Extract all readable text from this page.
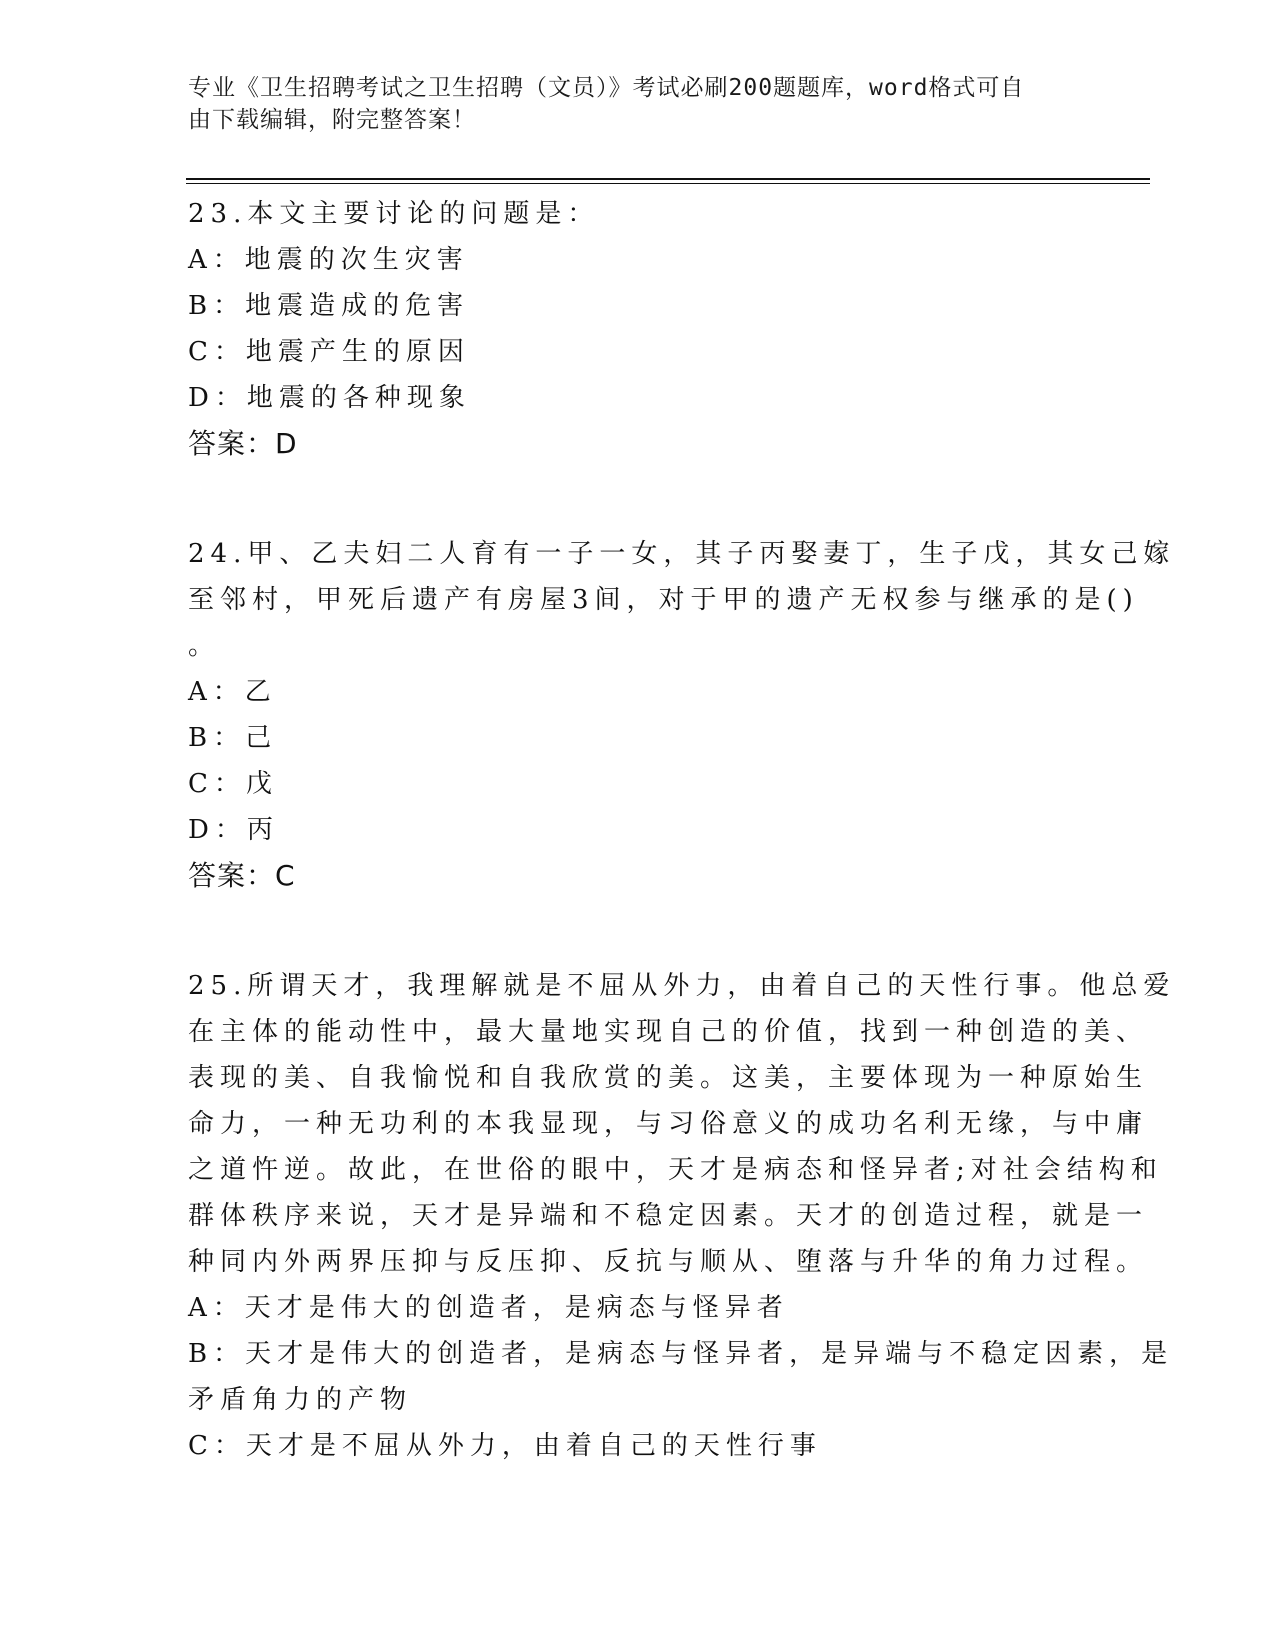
专业《卫生招聘考试之卫生招聘（文员）》考试必刷200题题库，word格式可自
由下载编辑，附完整答案！

23.本文主要讨论的问题是：

A：地震的次生灾害

B：地震造成的危害

C：地震产生的原因

D：地震的各种现象

答案：D

24.甲、乙夫妇二人育有一子一女，其子丙娶妻丁，生子戊，其女己嫁

至邻村，甲死后遗产有房屋3间，对于甲的遗产无权参与继承的是()

。

A：乙

B：己

C：戊

D：丙

答案：C

25.所谓天才，我理解就是不屈从外力，由着自己的天性行事。他总爱

在主体的能动性中，最大量地实现自己的价值，找到一种创造的美、

表现的美、自我愉悦和自我欣赏的美。这美，主要体现为一种原始生

命力，一种无功利的本我显现，与习俗意义的成功名利无缘，与中庸

之道忤逆。故此，在世俗的眼中，天才是病态和怪异者;对社会结构和

群体秩序来说，天才是异端和不稳定因素。天才的创造过程，就是一

种同内外两界压抑与反压抑、反抗与顺从、堕落与升华的角力过程。

A：天才是伟大的创造者，是病态与怪异者

B：天才是伟大的创造者，是病态与怪异者，是异端与不稳定因素，是

矛盾角力的产物

C：天才是不屈从外力，由着自己的天性行事
